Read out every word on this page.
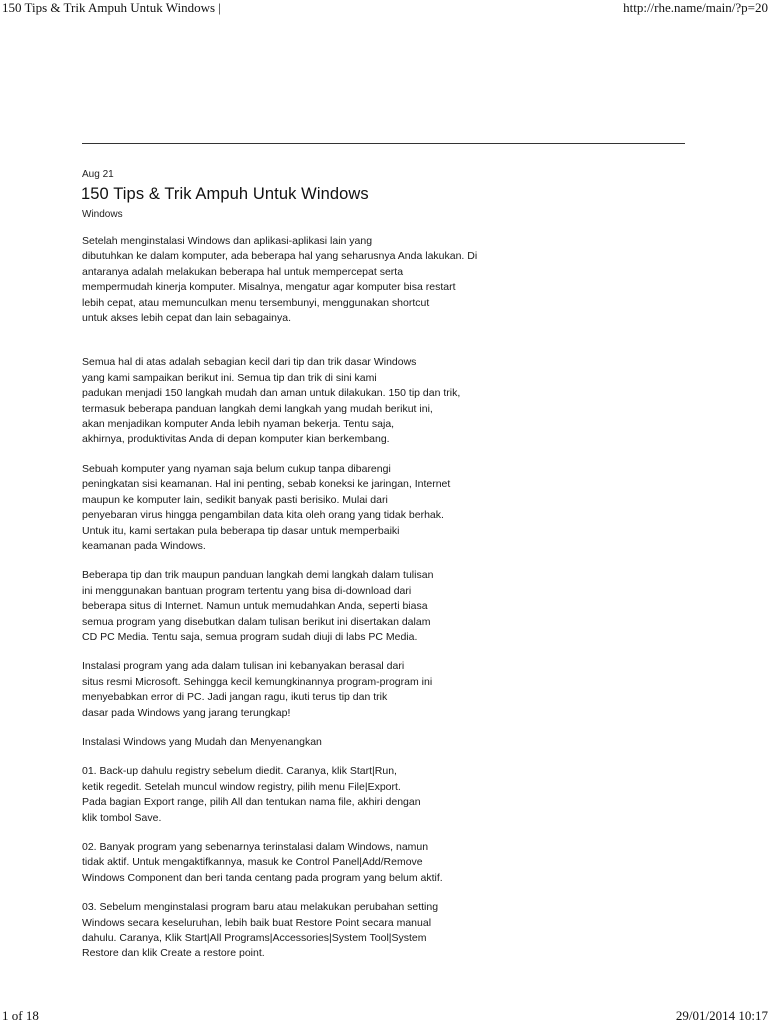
150 Tips & Trik Ampuh Untuk Windows |	http://rhe.name/main/?p=20
Aug 21
150 Tips & Trik Ampuh Untuk Windows
Windows

Setelah menginstalasi Windows dan aplikasi-aplikasi lain yang
dibutuhkan ke dalam komputer, ada beberapa hal yang seharusnya Anda lakukan. Di
antaranya adalah melakukan beberapa hal untuk mempercepat serta
mempermudah kinerja komputer. Misalnya, mengatur agar komputer bisa restart
lebih cepat, atau memunculkan menu tersembunyi, menggunakan shortcut
untuk akses lebih cepat dan lain sebagainya.

Semua hal di atas adalah sebagian kecil dari tip dan trik dasar Windows
yang kami sampaikan berikut ini. Semua tip dan trik di sini kami
padukan menjadi 150 langkah mudah dan aman untuk dilakukan. 150 tip dan trik,
termasuk beberapa panduan langkah demi langkah yang mudah berikut ini,
akan menjadikan komputer Anda lebih nyaman bekerja. Tentu saja,
akhirnya, produktivitas Anda di depan komputer kian berkembang.

Sebuah komputer yang nyaman saja belum cukup tanpa dibarengi
peningkatan sisi keamanan. Hal ini penting, sebab koneksi ke jaringan, Internet
maupun ke komputer lain, sedikit banyak pasti berisiko. Mulai dari
penyebaran virus hingga pengambilan data kita oleh orang yang tidak berhak.
Untuk itu, kami sertakan pula beberapa tip dasar untuk memperbaiki
keamanan pada Windows.

Beberapa tip dan trik maupun panduan langkah demi langkah dalam tulisan
ini menggunakan bantuan program tertentu yang bisa di-download dari
beberapa situs di Internet. Namun untuk memudahkan Anda, seperti biasa
semua program yang disebutkan dalam tulisan berikut ini disertakan dalam
CD PC Media. Tentu saja, semua program sudah diuji di labs PC Media.

Instalasi program yang ada dalam tulisan ini kebanyakan berasal dari
situs resmi Microsoft. Sehingga kecil kemungkinannya program-program ini
menyebabkan error di PC. Jadi jangan ragu, ikuti terus tip dan trik
dasar pada Windows yang jarang terungkap!

Instalasi Windows yang Mudah dan Menyenangkan

01. Back-up dahulu registry sebelum diedit. Caranya, klik Start|Run,
ketik regedit. Setelah muncul window registry, pilih menu File|Export.
Pada bagian Export range, pilih All dan tentukan nama file, akhiri dengan
klik tombol Save.

02. Banyak program yang sebenarnya terinstalasi dalam Windows, namun
tidak aktif. Untuk mengaktifkannya, masuk ke Control Panel|Add/Remove
Windows Component dan beri tanda centang pada program yang belum aktif.

03. Sebelum menginstalasi program baru atau melakukan perubahan setting
Windows secara keseluruhan, lebih baik buat Restore Point secara manual
dahulu. Caranya, Klik Start|All Programs|Accessories|System Tool|System
Restore dan klik Create a restore point.

1 of 18	29/01/2014 10:17
